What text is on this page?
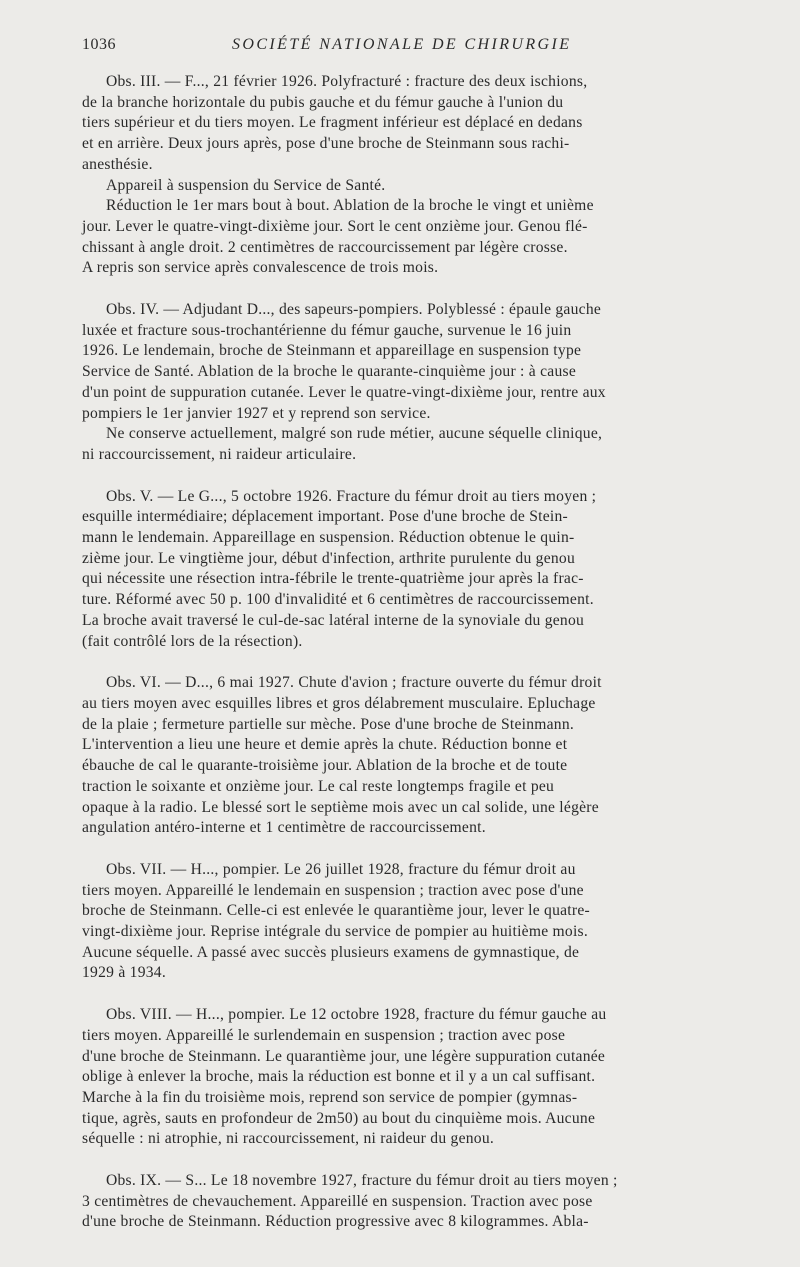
1036	SOCIÉTÉ NATIONALE DE CHIRURGIE
Obs. III. — F..., 21 février 1926. Polyfracturé : fracture des deux ischions,
de la branche horizontale du pubis gauche et du fémur gauche à l'union du
tiers supérieur et du tiers moyen. Le fragment inférieur est déplacé en dedans
et en arrière. Deux jours après, pose d'une broche de Steinmann sous rachi-
anesthésie.
Appareil à suspension du Service de Santé.
Réduction le 1er mars bout à bout. Ablation de la broche le vingt et unième
jour. Lever le quatre-vingt-dixième jour. Sort le cent onzième jour. Genou flé-
chissant à angle droit. 2 centimètres de raccourcissement par légère crosse.
A repris son service après convalescence de trois mois.
Obs. IV. — Adjudant D..., des sapeurs-pompiers. Polyblessé : épaule gauche
luxée et fracture sous-trochantérienne du fémur gauche, survenue le 16 juin
1926. Le lendemain, broche de Steinmann et appareillage en suspension type
Service de Santé. Ablation de la broche le quarante-cinquième jour : à cause
d'un point de suppuration cutanée. Lever le quatre-vingt-dixième jour, rentre aux
pompiers le 1er janvier 1927 et y reprend son service.
Ne conserve actuellement, malgré son rude métier, aucune séquelle clinique,
ni raccourcissement, ni raideur articulaire.
Obs. V. — Le G..., 5 octobre 1926. Fracture du fémur droit au tiers moyen ;
esquille intermédiaire; déplacement important. Pose d'une broche de Stein-
mann le lendemain. Appareillage en suspension. Réduction obtenue le quin-
zième jour. Le vingtième jour, début d'infection, arthrite purulente du genou
qui nécessite une résection intra-fébrile le trente-quatrième jour après la frac-
ture. Réformé avec 50 p. 100 d'invalidité et 6 centimètres de raccourcissement.
La broche avait traversé le cul-de-sac latéral interne de la synoviale du genou
(fait contrôlé lors de la résection).
Obs. VI. — D..., 6 mai 1927. Chute d'avion ; fracture ouverte du fémur droit
au tiers moyen avec esquilles libres et gros délabrement musculaire. Epluchage
de la plaie ; fermeture partielle sur mèche. Pose d'une broche de Steinmann.
L'intervention a lieu une heure et demie après la chute. Réduction bonne et
ébauche de cal le quarante-troisième jour. Ablation de la broche et de toute
traction le soixante et onzième jour. Le cal reste longtemps fragile et peu
opaque à la radio. Le blessé sort le septième mois avec un cal solide, une légère
angulation antéro-interne et 1 centimètre de raccourcissement.
Obs. VII. — H..., pompier. Le 26 juillet 1928, fracture du fémur droit au
tiers moyen. Appareillé le lendemain en suspension ; traction avec pose d'une
broche de Steinmann. Celle-ci est enlevée le quarantième jour, lever le quatre-
vingt-dixième jour. Reprise intégrale du service de pompier au huitième mois.
Aucune séquelle. A passé avec succès plusieurs examens de gymnastique, de
1929 à 1934.
Obs. VIII. — H..., pompier. Le 12 octobre 1928, fracture du fémur gauche au
tiers moyen. Appareillé le surlendemain en suspension ; traction avec pose
d'une broche de Steinmann. Le quarantième jour, une légère suppuration cutanée
oblige à enlever la broche, mais la réduction est bonne et il y a un cal suffisant.
Marche à la fin du troisième mois, reprend son service de pompier (gymnas-
tique, agrès, sauts en profondeur de 2m50) au bout du cinquième mois. Aucune
séquelle : ni atrophie, ni raccourcissement, ni raideur du genou.
Obs. IX. — S... Le 18 novembre 1927, fracture du fémur droit au tiers moyen ;
3 centimètres de chevauchement. Appareillé en suspension. Traction avec pose
d'une broche de Steinmann. Réduction progressive avec 8 kilogrammes. Abla-
